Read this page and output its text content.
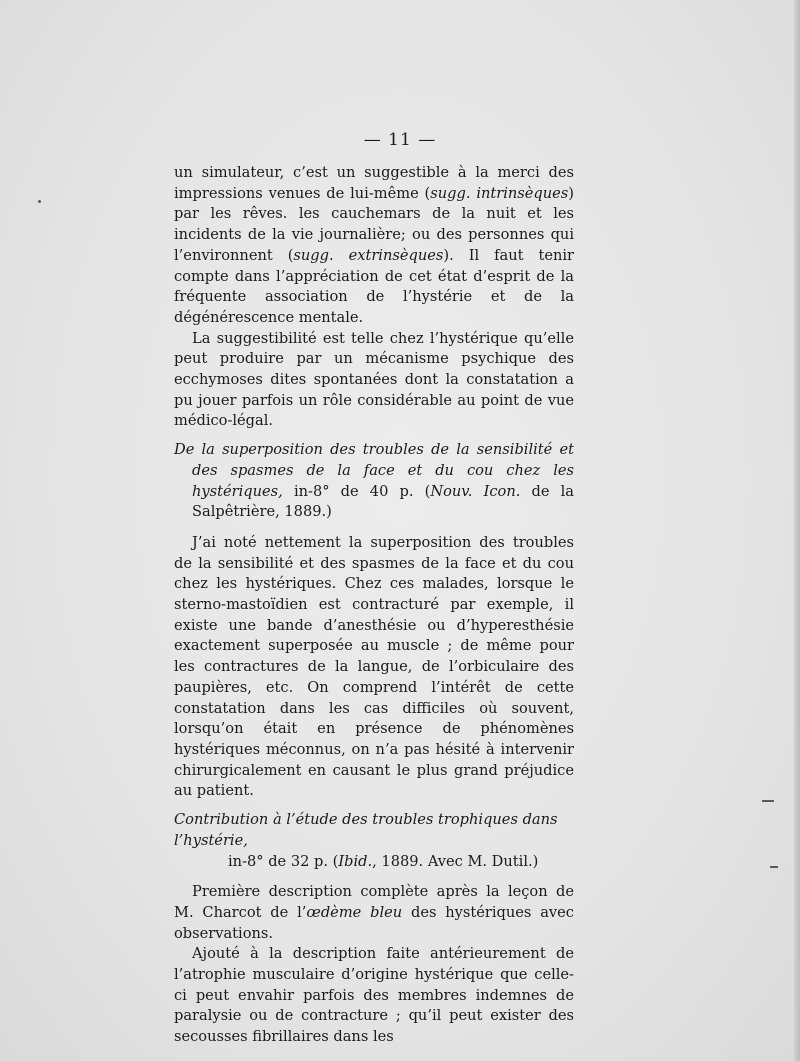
— 11 —

un simulateur, c’est un suggestible à la merci des impressions venues de lui-même (sugg. intrinsèques) par les rêves. les cauchemars de la nuit et les incidents de la vie journalière; ou des personnes qui l’environnent (sugg. extrinsèques). Il faut tenir compte dans l’appréciation de cet état d’esprit de la fréquente association de l’hystérie et de la dégénérescence mentale.

La suggestibilité est telle chez l’hystérique qu’elle peut produire par un mécanisme psychique des ecchymoses dites spontanées dont la constatation a pu jouer parfois un rôle considérable au point de vue médico-légal.

De la superposition des troubles de la sensibilité et des spasmes de la face et du cou chez les hystériques, in-8° de 40 p. (Nouv. Icon. de la Salpêtrière, 1889.)

J’ai noté nettement la superposition des troubles de la sensibilité et des spasmes de la face et du cou chez les hystériques. Chez ces malades, lorsque le sterno-mastoïdien est contracturé par exemple, il existe une bande d’anesthésie ou d’hyperesthésie exactement superposée au muscle ; de même pour les contractures de la langue, de l’orbiculaire des paupières, etc. On comprend l’intérêt de cette constatation dans les cas difficiles où souvent, lorsqu’on était en présence de phénomènes hystériques méconnus, on n’a pas hésité à intervenir chirurgicalement en causant le plus grand préjudice au patient.

Contribution à l’étude des troubles trophiques dans l’hystérie,
in-8° de 32 p. (Ibid., 1889. Avec M. Dutil.)

Première description complète après la leçon de M. Charcot de l’œdème bleu des hystériques avec observations.

Ajouté à la description faite antérieurement de l’atrophie musculaire d’origine hystérique que celle-ci peut envahir parfois des membres indemnes de paralysie ou de contracture ; qu’il peut exister des secousses fibrillaires dans les
